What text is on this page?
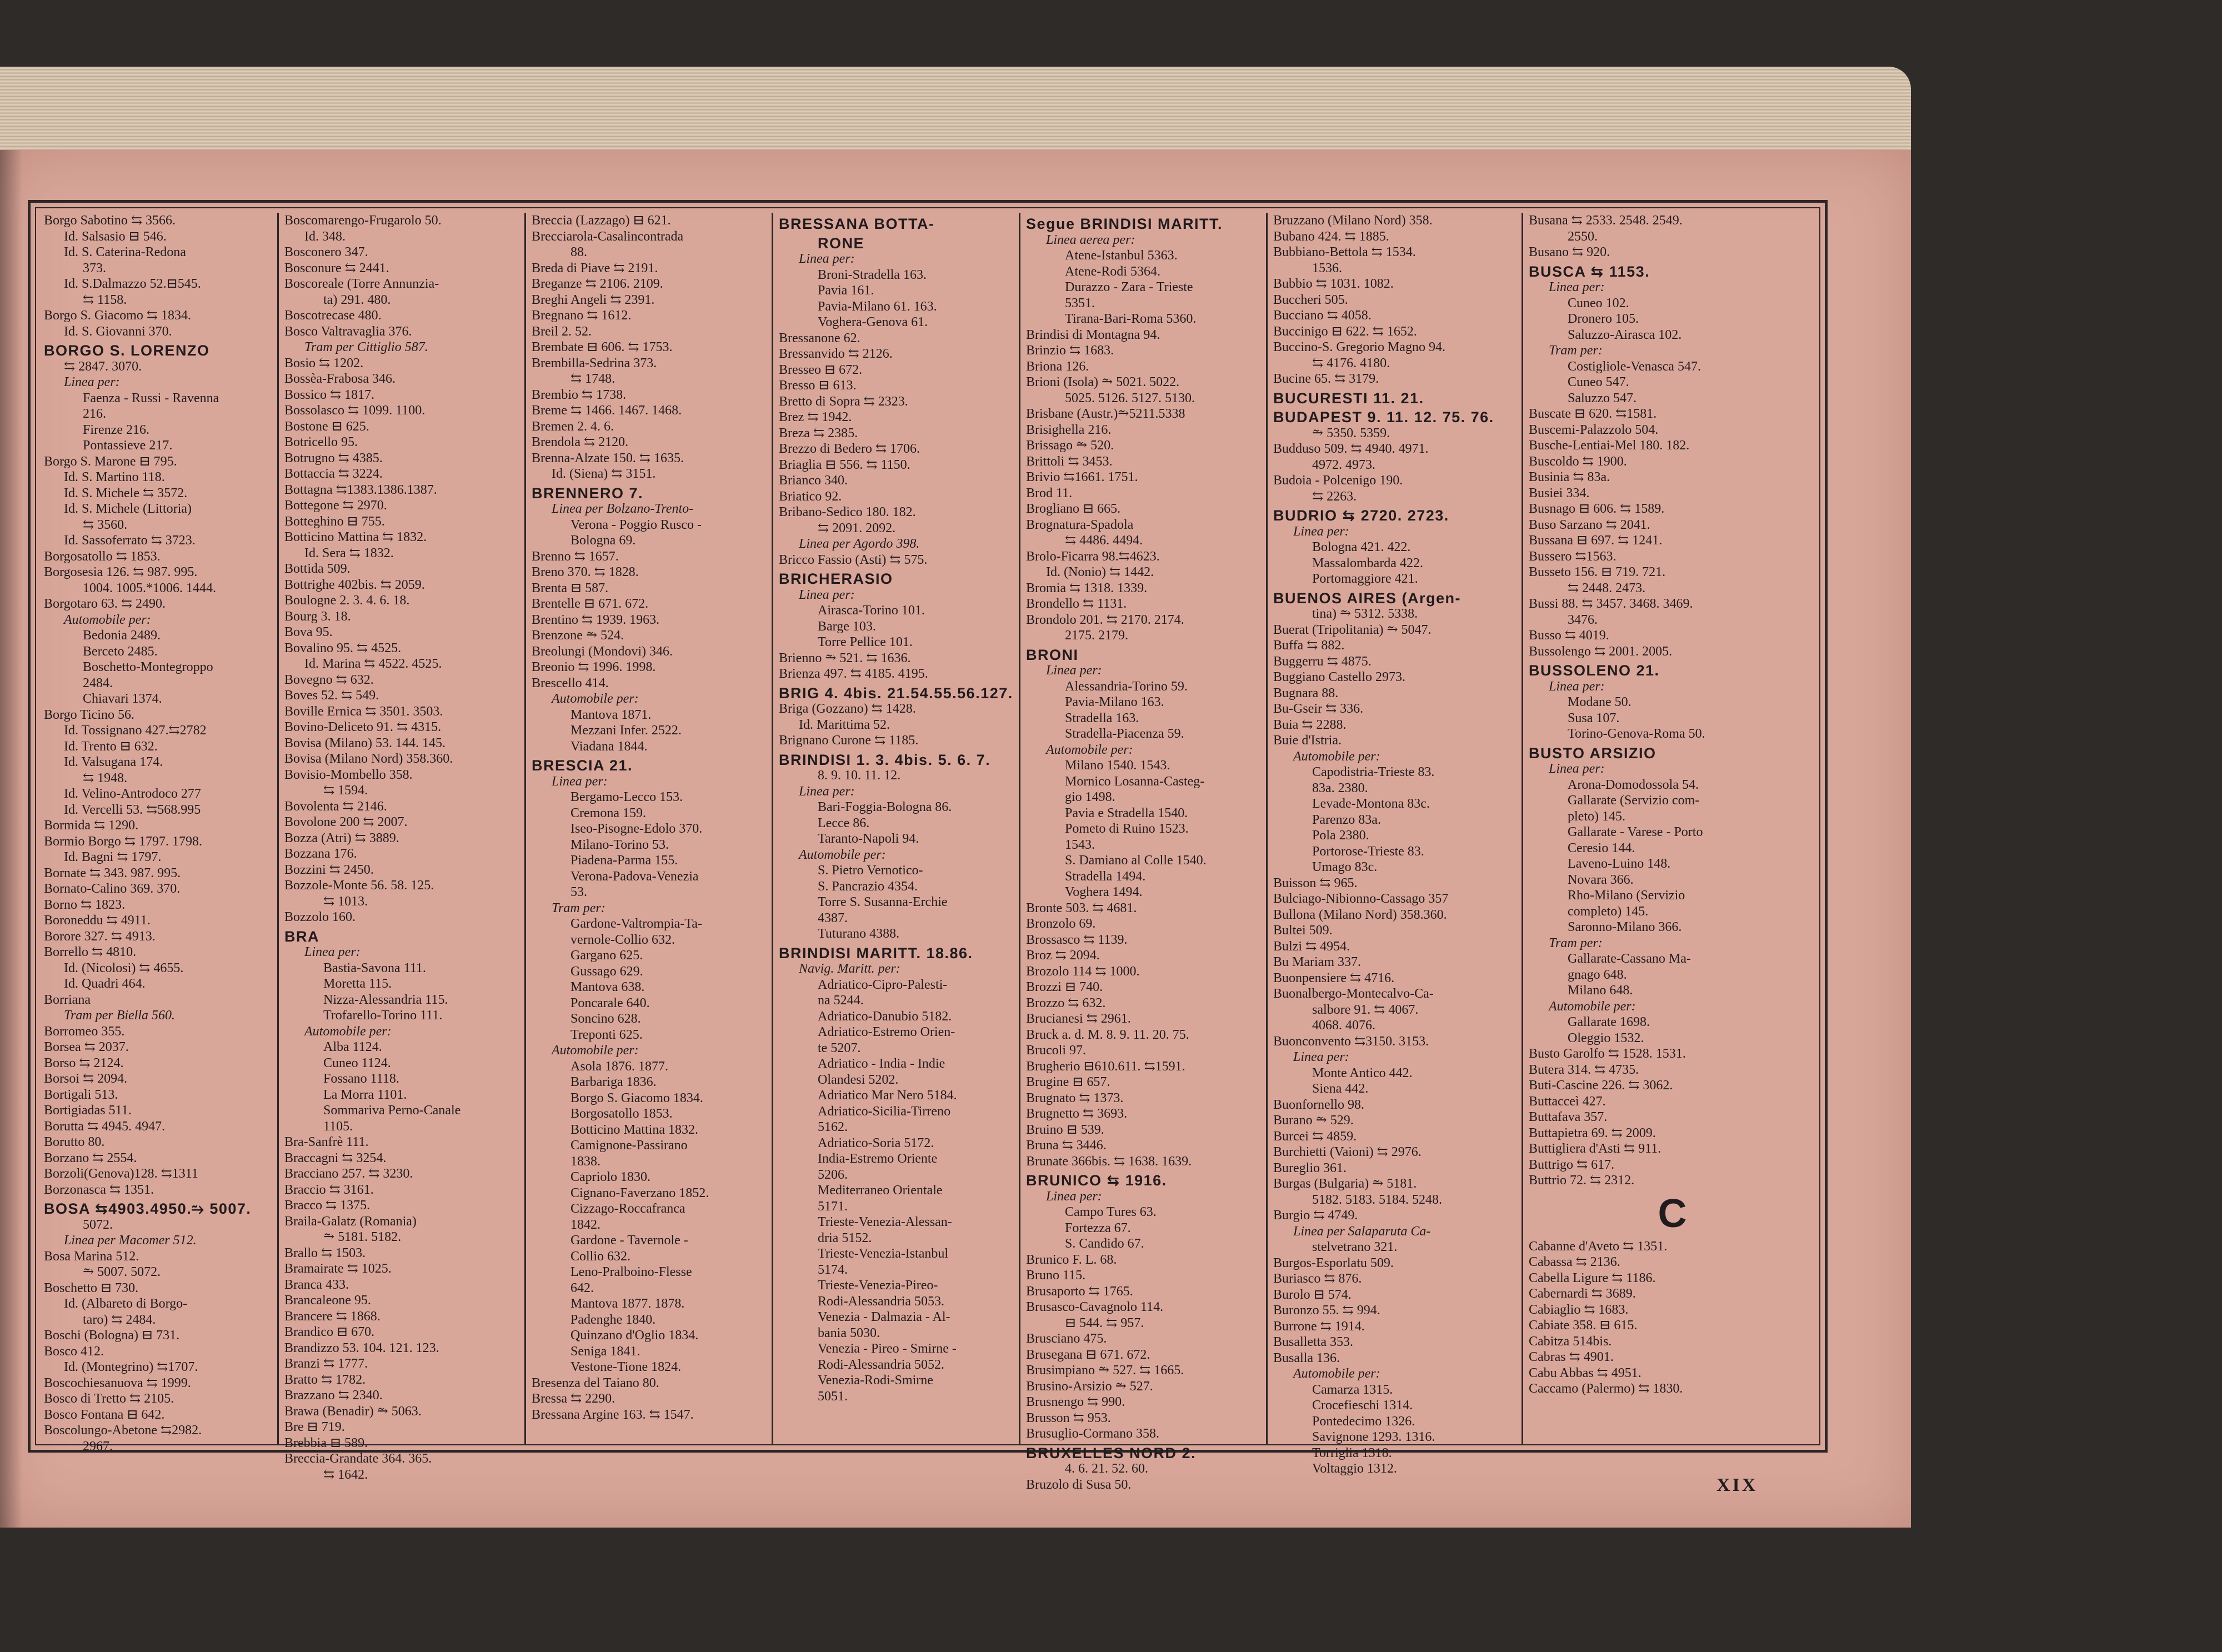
Borgo Sabotino ⇆ 3566.
Id. Salsasio ⊟ 546.
Id. S. Caterina-Redona
373.
Id. S.Dalmazzo 52.⊟545.
⇆ 1158.
Borgo S. Giacomo ⇆ 1834.
Id. S. Giovanni 370.
BORGO S. LORENZO
⇆ 2847. 3070.
Linea per:
Faenza - Russi - Ravenna
216.
Firenze 216.
Pontassieve 217.
Borgo S. Marone ⊟ 795.
Id. S. Martino 118.
Id. S. Michele ⇆ 3572.
Id. S. Michele (Littoria)
⇆ 3560.
Id. Sassoferrato ⇆ 3723.
Borgosatollo ⇆ 1853.
Borgosesia 126. ⇆ 987. 995.
1004. 1005.*1006. 1444.
Borgotaro 63. ⇆ 2490.
Automobile per:
Bedonia 2489.
Berceto 2485.
Boschetto-Montegroppo
2484.
Chiavari 1374.
Borgo Ticino 56.
Id. Tossignano 427.⇆2782
Id. Trento ⊟ 632.
Id. Valsugana 174.
⇆ 1948.
Id. Velino-Antrodoco 277
Id. Vercelli 53. ⇆568.995
Bormida ⇆ 1290.
Bormio Borgo ⇆ 1797. 1798.
Id. Bagni ⇆ 1797.
Bornate ⇆ 343. 987. 995.
Bornato-Calino 369. 370.
Borno ⇆ 1823.
Boroneddu ⇆ 4911.
Borore 327. ⇆ 4913.
Borrello ⇆ 4810.
Id. (Nicolosi) ⇆ 4655.
Id. Quadri 464.
Borriana
Tram per Biella 560.
Borromeo 355.
Borsea ⇆ 2037.
Borso ⇆ 2124.
Borsoi ⇆ 2094.
Bortigali 513.
Bortigiadas 511.
Borutta ⇆ 4945. 4947.
Borutto 80.
Borzano ⇆ 2554.
Borzoli(Genova)128. ⇆1311
Borzonasca ⇆ 1351.
BOSA ⇆4903.4950.⥲ 5007.
5072.
Linea per Macomer 512.
Bosa Marina 512.
⥲ 5007. 5072.
Boschetto ⊟ 730.
Id. (Albareto di Borgo-
taro) ⇆ 2484.
Boschi (Bologna) ⊟ 731.
Bosco 412.
Id. (Montegrino) ⇆1707.
Boscochiesanuova ⇆ 1999.
Bosco di Tretto ⇆ 2105.
Bosco Fontana ⊟ 642.
Boscolungo-Abetone ⇆2982.
2967.
Boscomarengo-Frugarolo 50.
Id. 348.
Bosconero 347.
Bosconure ⇆ 2441.
Boscoreale (Torre Annunzia-
ta) 291. 480.
Boscotrecase 480.
Bosco Valtravaglia 376.
Tram per Cittiglio 587.
Bosio ⇆ 1202.
Bossèa-Frabosa 346.
Bossico ⇆ 1817.
Bossolasco ⇆ 1099. 1100.
Bostone ⊟ 625.
Botricello 95.
Botrugno ⇆ 4385.
Bottaccia ⇆ 3224.
Bottagna ⇆1383.1386.1387.
Bottegone ⇆ 2970.
Botteghino ⊟ 755.
Botticino Mattina ⇆ 1832.
Id. Sera ⇆ 1832.
Bottida 509.
Bottrighe 402bis. ⇆ 2059.
Boulogne 2. 3. 4. 6. 18.
Bourg 3. 18.
Bova 95.
Bovalino 95. ⇆ 4525.
Id. Marina ⇆ 4522. 4525.
Bovegno ⇆ 632.
Boves 52. ⇆ 549.
Boville Ernica ⇆ 3501. 3503.
Bovino-Deliceto 91. ⇆ 4315.
Bovisa (Milano) 53. 144. 145.
Bovisa (Milano Nord) 358.360.
Bovisio-Mombello 358.
⇆ 1594.
Bovolenta ⇆ 2146.
Bovolone 200 ⇆ 2007.
Bozza (Atri) ⇆ 3889.
Bozzana 176.
Bozzini ⇆ 2450.
Bozzole-Monte 56. 58. 125.
⇆ 1013.
Bozzolo 160.
BRA
Linea per:
Bastia-Savona 111.
Moretta 115.
Nizza-Alessandria 115.
Trofarello-Torino 111.
Automobile per:
Alba 1124.
Cuneo 1124.
Fossano 1118.
La Morra 1101.
Sommariva Perno-Canale
1105.
Bra-Sanfrè 111.
Braccagni ⇆ 3254.
Bracciano 257. ⇆ 3230.
Braccio ⇆ 3161.
Bracco ⇆ 1375.
Braila-Galatz (Romania)
⥲ 5181. 5182.
Brallo ⇆ 1503.
Bramairate ⇆ 1025.
Branca 433.
Brancaleone 95.
Brancere ⇆ 1868.
Brandico ⊟ 670.
Brandizzo 53. 104. 121. 123.
Branzi ⇆ 1777.
Bratto ⇆ 1782.
Brazzano ⇆ 2340.
Brawa (Benadir) ⥲ 5063.
Bre ⊟ 719.
Brebbia ⊟ 589.
Breccia-Grandate 364. 365.
⇆ 1642.
Breccia (Lazzago) ⊟ 621.
Brecciarola-Casalincontrada
88.
Breda di Piave ⇆ 2191.
Breganze ⇆ 2106. 2109.
Breghi Angeli ⇆ 2391.
Bregnano ⇆ 1612.
Breil 2. 52.
Brembate ⊟ 606. ⇆ 1753.
Brembilla-Sedrina 373.
⇆ 1748.
Brembio ⇆ 1738.
Breme ⇆ 1466. 1467. 1468.
Bremen 2. 4. 6.
Brendola ⇆ 2120.
Brenna-Alzate 150. ⇆ 1635.
Id. (Siena) ⇆ 3151.
BRENNERO 7.
Linea per Bolzano-Trento-
Verona - Poggio Rusco -
Bologna 69.
Brenno ⇆ 1657.
Breno 370. ⇆ 1828.
Brenta ⊟ 587.
Brentelle ⊟ 671. 672.
Brentino ⇆ 1939. 1963.
Brenzone ⥲ 524.
Breolungi (Mondovi) 346.
Breonio ⇆ 1996. 1998.
Brescello 414.
Automobile per:
Mantova 1871.
Mezzani Infer. 2522.
Viadana 1844.
BRESCIA 21.
Linea per:
Bergamo-Lecco 153.
Cremona 159.
Iseo-Pisogne-Edolo 370.
Milano-Torino 53.
Piadena-Parma 155.
Verona-Padova-Venezia
53.
Tram per:
Gardone-Valtrompia-Ta-
vernole-Collio 632.
Gargano 625.
Gussago 629.
Mantova 638.
Poncarale 640.
Soncino 628.
Treponti 625.
Automobile per:
Asola 1876. 1877.
Barbariga 1836.
Borgo S. Giacomo 1834.
Borgosatollo 1853.
Botticino Mattina 1832.
Camignone-Passirano
1838.
Capriolo 1830.
Cignano-Faverzano 1852.
Cizzago-Roccafranca
1842.
Gardone - Tavernole -
Collio 632.
Leno-Pralboino-Flesse
642.
Mantova 1877. 1878.
Padenghe 1840.
Quinzano d'Oglio 1834.
Seniga 1841.
Vestone-Tione 1824.
Bresenza del Taiano 80.
Bressa ⇆ 2290.
Bressana Argine 163. ⇆ 1547.
BRESSANA BOTTA-
RONE
Linea per:
Broni-Stradella 163.
Pavia 161.
Pavia-Milano 61. 163.
Voghera-Genova 61.
Bressanone 62.
Bressanvido ⇆ 2126.
Bresseo ⊟ 672.
Bresso ⊟ 613.
Bretto di Sopra ⇆ 2323.
Brez ⇆ 1942.
Breza ⇆ 2385.
Brezzo di Bedero ⇆ 1706.
Briaglia ⊟ 556. ⇆ 1150.
Brianco 340.
Briatico 92.
Bribano-Sedico 180. 182.
⇆ 2091. 2092.
Linea per Agordo 398.
Bricco Fassio (Asti) ⇆ 575.
BRICHERASIO
Linea per:
Airasca-Torino 101.
Barge 103.
Torre Pellice 101.
Brienno ⥲ 521. ⇆ 1636.
Brienza 497. ⇆ 4185. 4195.
BRIG 4. 4bis. 21.54.55.56.127.
Briga (Gozzano) ⇆ 1428.
Id. Marittima 52.
Brignano Curone ⇆ 1185.
BRINDISI 1. 3. 4bis. 5. 6. 7.
8. 9. 10. 11. 12.
Linea per:
Bari-Foggia-Bologna 86.
Lecce 86.
Taranto-Napoli 94.
Automobile per:
S. Pietro Vernotico-
S. Pancrazio 4354.
Torre S. Susanna-Erchie
4387.
Tuturano 4388.
BRINDISI MARITT. 18.86.
Navig. Maritt. per:
Adriatico-Cipro-Palesti-
na 5244.
Adriatico-Danubio 5182.
Adriatico-Estremo Orien-
te 5207.
Adriatico - India - Indie
Olandesi 5202.
Adriatico Mar Nero 5184.
Adriatico-Sicilia-Tirreno
5162.
Adriatico-Soria 5172.
India-Estremo Oriente
5206.
Mediterraneo Orientale
5171.
Trieste-Venezia-Alessan-
dria 5152.
Trieste-Venezia-Istanbul
5174.
Trieste-Venezia-Pireo-
Rodi-Alessandria 5053.
Venezia - Dalmazia - Al-
bania 5030.
Venezia - Pireo - Smirne -
Rodi-Alessandria 5052.
Venezia-Rodi-Smirne
5051.
Segue BRINDISI MARITT.
Linea aerea per:
Atene-Istanbul 5363.
Atene-Rodi 5364.
Durazzo - Zara - Trieste
5351.
Tirana-Bari-Roma 5360.
Brindisi di Montagna 94.
Brinzio ⇆ 1683.
Briona 126.
Brioni (Isola) ⥲ 5021. 5022.
5025. 5126. 5127. 5130.
Brisbane (Austr.)⥲5211.5338
Brisighella 216.
Brissago ⥲ 520.
Brittoli ⇆ 3453.
Brivio ⇆1661. 1751.
Brod 11.
Brogliano ⊟ 665.
Brognatura-Spadola
⇆ 4486. 4494.
Brolo-Ficarra 98.⇆4623.
Id. (Nonio) ⇆ 1442.
Bromia ⇆ 1318. 1339.
Brondello ⇆ 1131.
Brondolo 201. ⇆ 2170. 2174.
2175. 2179.
BRONI
Linea per:
Alessandria-Torino 59.
Pavia-Milano 163.
Stradella 163.
Stradella-Piacenza 59.
Automobile per:
Milano 1540. 1543.
Mornico Losanna-Casteg-
gio 1498.
Pavia e Stradella 1540.
Pometo di Ruino 1523.
1543.
S. Damiano al Colle 1540.
Stradella 1494.
Voghera 1494.
Bronte 503. ⇆ 4681.
Bronzolo 69.
Brossasco ⇆ 1139.
Broz ⇆ 2094.
Brozolo 114 ⇆ 1000.
Brozzi ⊟ 740.
Brozzo ⇆ 632.
Brucianesi ⇆ 2961.
Bruck a. d. M. 8. 9. 11. 20. 75.
Brucoli 97.
Brugherio ⊟610.611. ⇆1591.
Brugine ⊟ 657.
Brugnato ⇆ 1373.
Brugnetto ⇆ 3693.
Bruino ⊟ 539.
Bruna ⇆ 3446.
Brunate 366bis. ⇆ 1638. 1639.
BRUNICO ⇆ 1916.
Linea per:
Campo Tures 63.
Fortezza 67.
S. Candido 67.
Brunico F. L. 68.
Bruno 115.
Brusaporto ⇆ 1765.
Brusasco-Cavagnolo 114.
⊟ 544. ⇆ 957.
Brusciano 475.
Brusegana ⊟ 671. 672.
Brusimpiano ⥲ 527. ⇆ 1665.
Brusino-Arsizio ⥲ 527.
Brusnengo ⇆ 990.
Brusson ⇆ 953.
Brusuglio-Cormano 358.
BRUXELLES NORD 2.
4. 6. 21. 52. 60.
Bruzolo di Susa 50.
Bruzzano (Milano Nord) 358.
Bubano 424. ⇆ 1885.
Bubbiano-Bettola ⇆ 1534.
1536.
Bubbio ⇆ 1031. 1082.
Buccheri 505.
Bucciano ⇆ 4058.
Buccinigo ⊟ 622. ⇆ 1652.
Buccino-S. Gregorio Magno 94.
⇆ 4176. 4180.
Bucine 65. ⇆ 3179.
BUCURESTI 11. 21.
BUDAPEST 9. 11. 12. 75. 76.
⥲ 5350. 5359.
Budduso 509. ⇆ 4940. 4971.
4972. 4973.
Budoia - Polcenigo 190.
⇆ 2263.
BUDRIO ⇆ 2720. 2723.
Linea per:
Bologna 421. 422.
Massalombarda 422.
Portomaggiore 421.
BUENOS AIRES (Argen-
tina) ⥲ 5312. 5338.
Buerat (Tripolitania) ⥲ 5047.
Buffa ⇆ 882.
Buggerru ⇆ 4875.
Buggiano Castello 2973.
Bugnara 88.
Bu-Gseir ⇆ 336.
Buia ⇆ 2288.
Buie d'Istria.
Automobile per:
Capodistria-Trieste 83.
83a. 2380.
Levade-Montona 83c.
Parenzo 83a.
Pola 2380.
Portorose-Trieste 83.
Umago 83c.
Buisson ⇆ 965.
Bulciago-Nibionno-Cassago 357
Bullona (Milano Nord) 358.360.
Bultei 509.
Bulzi ⇆ 4954.
Bu Mariam 337.
Buonpensiere ⇆ 4716.
Buonalbergo-Montecalvo-Ca-
salbore 91. ⇆ 4067.
4068. 4076.
Buonconvento ⇆3150. 3153.
Linea per:
Monte Antico 442.
Siena 442.
Buonfornello 98.
Burano ⥲ 529.
Burcei ⇆ 4859.
Burchietti (Vaioni) ⇆ 2976.
Bureglio 361.
Burgas (Bulgaria) ⥲ 5181.
5182. 5183. 5184. 5248.
Burgio ⇆ 4749.
Linea per Salaparuta Ca-
stelvetrano 321.
Burgos-Esporlatu 509.
Buriasco ⇆ 876.
Burolo ⊟ 574.
Buronzo 55. ⇆ 994.
Burrone ⇆ 1914.
Busalletta 353.
Busalla 136.
Automobile per:
Camarza 1315.
Crocefieschi 1314.
Pontedecimo 1326.
Savignone 1293. 1316.
Torriglia 1318.
Voltaggio 1312.
Busana ⇆ 2533. 2548. 2549.
2550.
Busano ⇆ 920.
BUSCA ⇆ 1153.
Linea per:
Cuneo 102.
Dronero 105.
Saluzzo-Airasca 102.
Tram per:
Costigliole-Venasca 547.
Cuneo 547.
Saluzzo 547.
Buscate ⊟ 620. ⇆1581.
Buscemi-Palazzolo 504.
Busche-Lentiai-Mel 180. 182.
Buscoldo ⇆ 1900.
Businia ⇆ 83a.
Busiei 334.
Busnago ⊟ 606. ⇆ 1589.
Buso Sarzano ⇆ 2041.
Bussana ⊟ 697. ⇆ 1241.
Bussero ⇆1563.
Busseto 156. ⊟ 719. 721.
⇆ 2448. 2473.
Bussi 88. ⇆ 3457. 3468. 3469.
3476.
Busso ⇆ 4019.
Bussolengo ⇆ 2001. 2005.
BUSSOLENO 21.
Linea per:
Modane 50.
Susa 107.
Torino-Genova-Roma 50.
BUSTO ARSIZIO
Linea per:
Arona-Domodossola 54.
Gallarate (Servizio com-
pleto) 145.
Gallarate - Varese - Porto
Ceresio 144.
Laveno-Luino 148.
Novara 366.
Rho-Milano (Servizio
completo) 145.
Saronno-Milano 366.
Tram per:
Gallarate-Cassano Ma-
gnago 648.
Milano 648.
Automobile per:
Gallarate 1698.
Oleggio 1532.
Busto Garolfo ⇆ 1528. 1531.
Butera 314. ⇆ 4735.
Buti-Cascine 226. ⇆ 3062.
Buttacceì 427.
Buttafava 357.
Buttapietra 69. ⇆ 2009.
Buttigliera d'Asti ⇆ 911.
Buttrigo ⇆ 617.
Buttrio 72. ⇆ 2312.
C
Cabanne d'Aveto ⇆ 1351.
Cabassa ⇆ 2136.
Cabella Ligure ⇆ 1186.
Cabernardi ⇆ 3689.
Cabiaglio ⇆ 1683.
Cabiate 358. ⊟ 615.
Cabitza 514bis.
Cabras ⇆ 4901.
Cabu Abbas ⇆ 4951.
Caccamo (Palermo) ⇆ 1830.
XIX
